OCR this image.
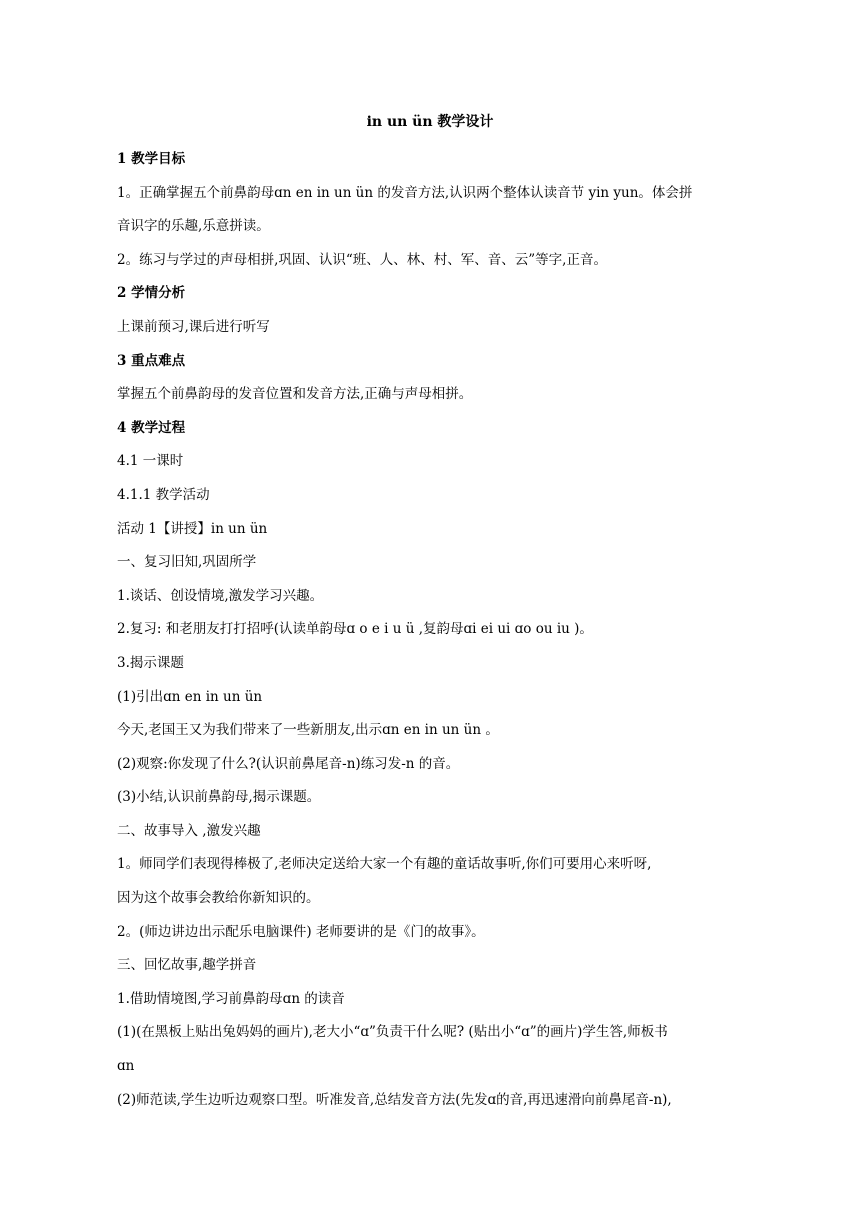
in un ün 教学设计
1 教学目标
1。正确掌握五个前鼻韵母ɑn en in un ün 的发音方法,认识两个整体认读音节 yin yun。体会拼
音识字的乐趣,乐意拼读。
2。练习与学过的声母相拼,巩固、认识“班、人、林、村、军、音、云”等字,正音。
2 学情分析
上课前预习,课后进行听写
3 重点难点
掌握五个前鼻韵母的发音位置和发音方法,正确与声母相拼。
4 教学过程
4.1 一课时
4.1.1 教学活动
活动 1【讲授】in un ün
一、复习旧知,巩固所学
1.谈话、创设情境,激发学习兴趣。
2.复习: 和老朋友打打招呼(认读单韵母ɑ o e i u ü ,复韵母ɑi ei ui ɑo ou iu )。
3.揭示课题
(1)引出ɑn en in un ün
今天,老国王又为我们带来了一些新朋友,出示ɑn en in un ün 。
(2)观察:你发现了什么?(认识前鼻尾音-n)练习发-n 的音。
(3)小结,认识前鼻韵母,揭示课题。
二、故事导入 ,激发兴趣
1。师同学们表现得棒极了,老师决定送给大家一个有趣的童话故事听,你们可要用心来听呀,
因为这个故事会教给你新知识的。
2。(师边讲边出示配乐电脑课件) 老师要讲的是《门的故事》。
三、回忆故事,趣学拼音
1.借助情境图,学习前鼻韵母ɑn 的读音
(1)(在黑板上贴出兔妈妈的画片),老大小“ɑ”负责干什么呢? (贴出小“ɑ”的画片)学生答,师板书
ɑn
(2)师范读,学生边听边观察口型。听准发音,总结发音方法(先发ɑ的音,再迅速滑向前鼻尾音-n),
